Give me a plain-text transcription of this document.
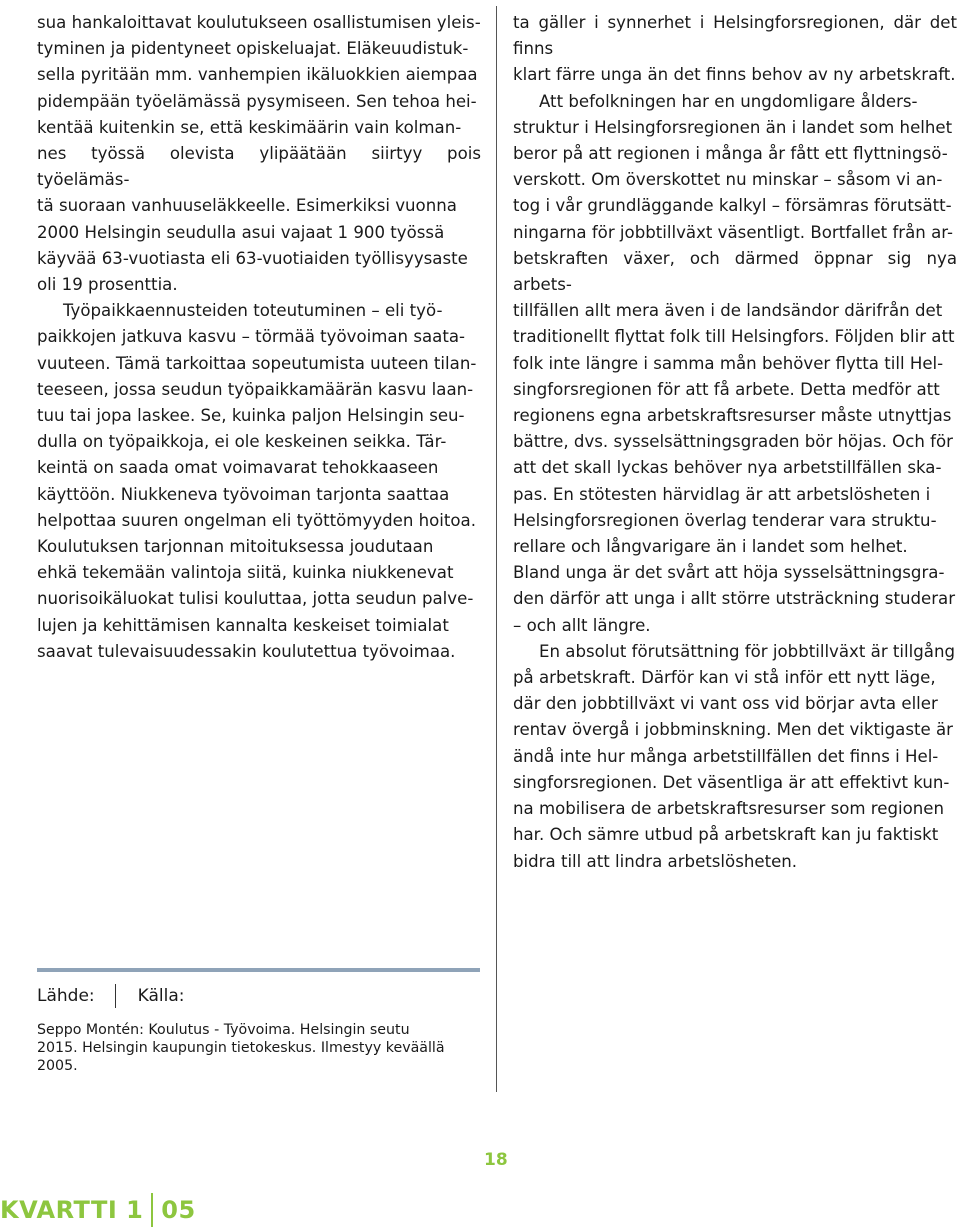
sua hankaloittavat koulutukseen osallistumisen yleis-
tyminen ja pidentyneet opiskeluajat. Eläkeuudistuk-
sella pyritään mm. vanhempien ikäluokkien aiempaa
pidempään työelämässä pysymiseen. Sen tehoa hei-
kentää kuitenkin se, että keskimäärin vain kolman-
nes työssä olevista ylipäätään siirtyy pois työelämäs-
tä suoraan vanhuuseläkkeelle. Esimerkiksi vuonna
2000 Helsingin seudulla asui vajaat 1 900 työssä
käyvää 63-vuotiasta eli 63-vuotiaiden työllisyysaste
oli 19 prosenttia.

Työpaikkaennusteiden toteutuminen – eli työ-
paikkojen jatkuva kasvu – törmää työvoiman saata-
vuuteen. Tämä tarkoittaa sopeutumista uuteen tilan-
teeseen, jossa seudun työpaikkamäärän kasvu laan-
tuu tai jopa laskee. Se, kuinka paljon Helsingin seu-
dulla on työpaikkoja, ei ole keskeinen seikka. Tär-
keintä on saada omat voimavarat tehokkaaseen
käyttöön. Niukkeneva työvoiman tarjonta saattaa
helpottaa suuren ongelman eli työttömyyden hoitoa.
Koulutuksen tarjonnan mitoituksessa joudutaan
ehkä tekemään valintoja siitä, kuinka niukkenevat
nuorisoikäluokat tulisi kouluttaa, jotta seudun palve-
lujen ja kehittämisen kannalta keskeiset toimialat
saavat tulevaisuudessakin koulutettua työvoimaa.

ta gäller i synnerhet i Helsingforsregionen, där det finns
klart färre unga än det finns behov av ny arbetskraft.

Att befolkningen har en ungdomligare ålders-
struktur i Helsingforsregionen än i landet som helhet
beror på att regionen i många år fått ett flyttningsö-
verskott. Om överskottet nu minskar – såsom vi an-
tog i vår grundläggande kalkyl – försämras förutsätt-
ningarna för jobbtillväxt väsentligt. Bortfallet från ar-
betskraften växer, och därmed öppnar sig nya arbets-
tillfällen allt mera även i de landsändor därifrån det
traditionellt flyttat folk till Helsingfors. Följden blir att
folk inte längre i samma mån behöver flytta till Hel-
singforsregionen för att få arbete. Detta medför att
regionens egna arbetskraftsresurser måste utnyttjas
bättre, dvs. sysselsättningsgraden bör höjas. Och för
att det skall lyckas behöver nya arbetstillfällen ska-
pas. En stötesten härvidlag är att arbetslösheten i
Helsingforsregionen överlag tenderar vara struktu-
rellare och långvarigare än i landet som helhet.
Bland unga är det svårt att höja sysselsättningsgra-
den därför att unga i allt större utsträckning studerar
– och allt längre.

En absolut förutsättning för jobbtillväxt är tillgång
på arbetskraft. Därför kan vi stå inför ett nytt läge,
där den jobbtillväxt vi vant oss vid börjar avta eller
rentav övergå i jobbminskning. Men det viktigaste är
ändå inte hur många arbetstillfällen det finns i Hel-
singforsregionen. Det väsentliga är att effektivt kun-
na mobilisera de arbetskraftsresurser som regionen
har. Och sämre utbud på arbetskraft kan ju faktiskt
bidra till att lindra arbetslösheten.

Lähde:	Källa:
Seppo Montén: Koulutus - Työvoima. Helsingin seutu
2015. Helsingin kaupungin tietokeskus. Ilmestyy keväällä
2005.
18
KVARTTI 1 05
